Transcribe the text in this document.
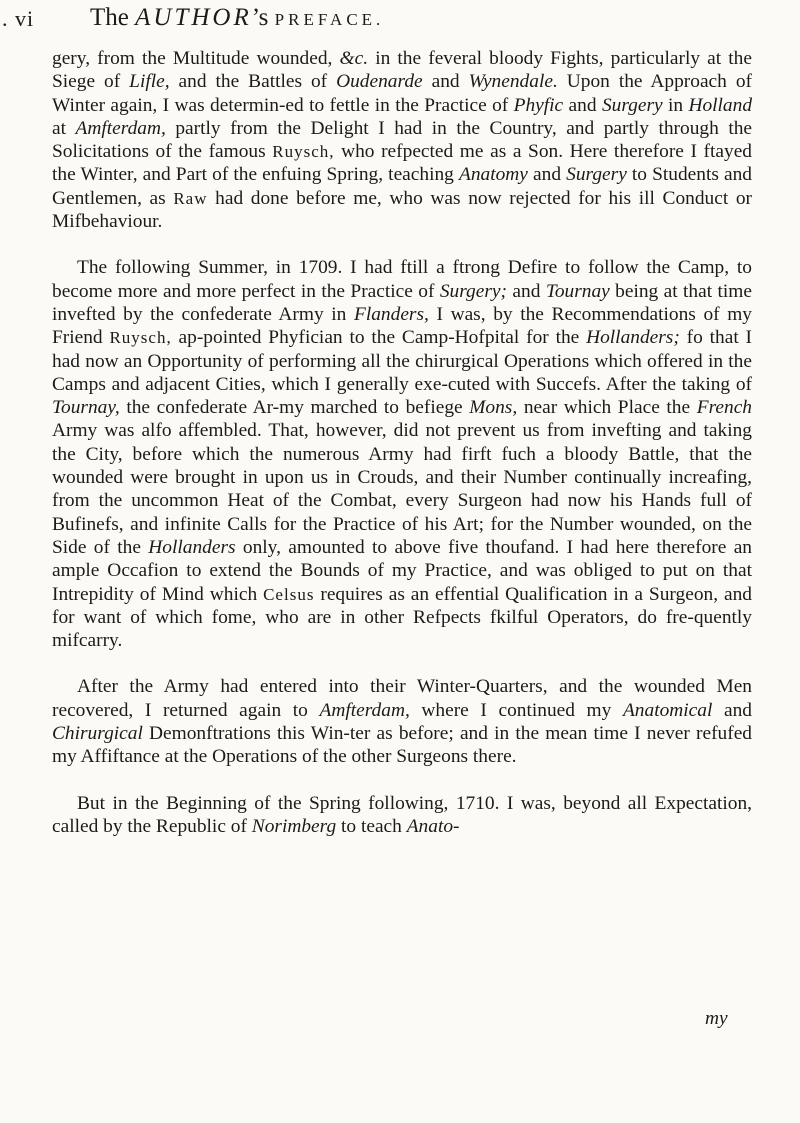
. vi The AUTHOR’s PREFACE.

gery, from the Multitude wounded, &c. in the feveral bloody Fights, particularly at the Siege of Lifle, and the Battles of Oudenarde and Wynendale. Upon the Approach of Winter again, I was determin-ed to fettle in the Practice of Phyfic and Surgery in Holland at Amfterdam, partly from the Delight I had in the Country, and partly through the Solicitations of the famous Ruysch, who refpected me as a Son. Here therefore I ftayed the Winter, and Part of the enfuing Spring, teaching Anatomy and Surgery to Students and Gentlemen, as Raw had done before me, who was now rejected for his ill Conduct or Mifbehaviour.

The following Summer, in 1709. I had ftill a ftrong Defire to follow the Camp, to become more and more perfect in the Practice of Surgery; and Tournay being at that time invefted by the confederate Army in Flanders, I was, by the Recommendations of my Friend Ruysch, ap-pointed Phyfician to the Camp-Hofpital for the Hollanders; fo that I had now an Opportunity of performing all the chirurgical Operations which offered in the Camps and adjacent Cities, which I generally exe-cuted with Succefs. After the taking of Tournay, the confederate Ar-my marched to befiege Mons, near which Place the French Army was alfo affembled. That, however, did not prevent us from invefting and taking the City, before which the numerous Army had firft fuch a bloody Battle, that the wounded were brought in upon us in Crouds, and their Number continually increafing, from the uncommon Heat of the Combat, every Surgeon had now his Hands full of Bufinefs, and infinite Calls for the Practice of his Art; for the Number wounded, on the Side of the Hollanders only, amounted to above five thoufand. I had here therefore an ample Occafion to extend the Bounds of my Practice, and was obliged to put on that Intrepidity of Mind which Celsus requires as an effential Qualification in a Surgeon, and for want of which fome, who are in other Refpects fkilful Operators, do fre-quently mifcarry.

After the Army had entered into their Winter-Quarters, and the wounded Men recovered, I returned again to Amfterdam, where I continued my Anatomical and Chirurgical Demonftrations this Win-ter as before; and in the mean time I never refufed my Affiftance at the Operations of the other Surgeons there.

But in the Beginning of the Spring following, 1710. I was, beyond all Expectation, called by the Republic of Norimberg to teach Anato-

my
